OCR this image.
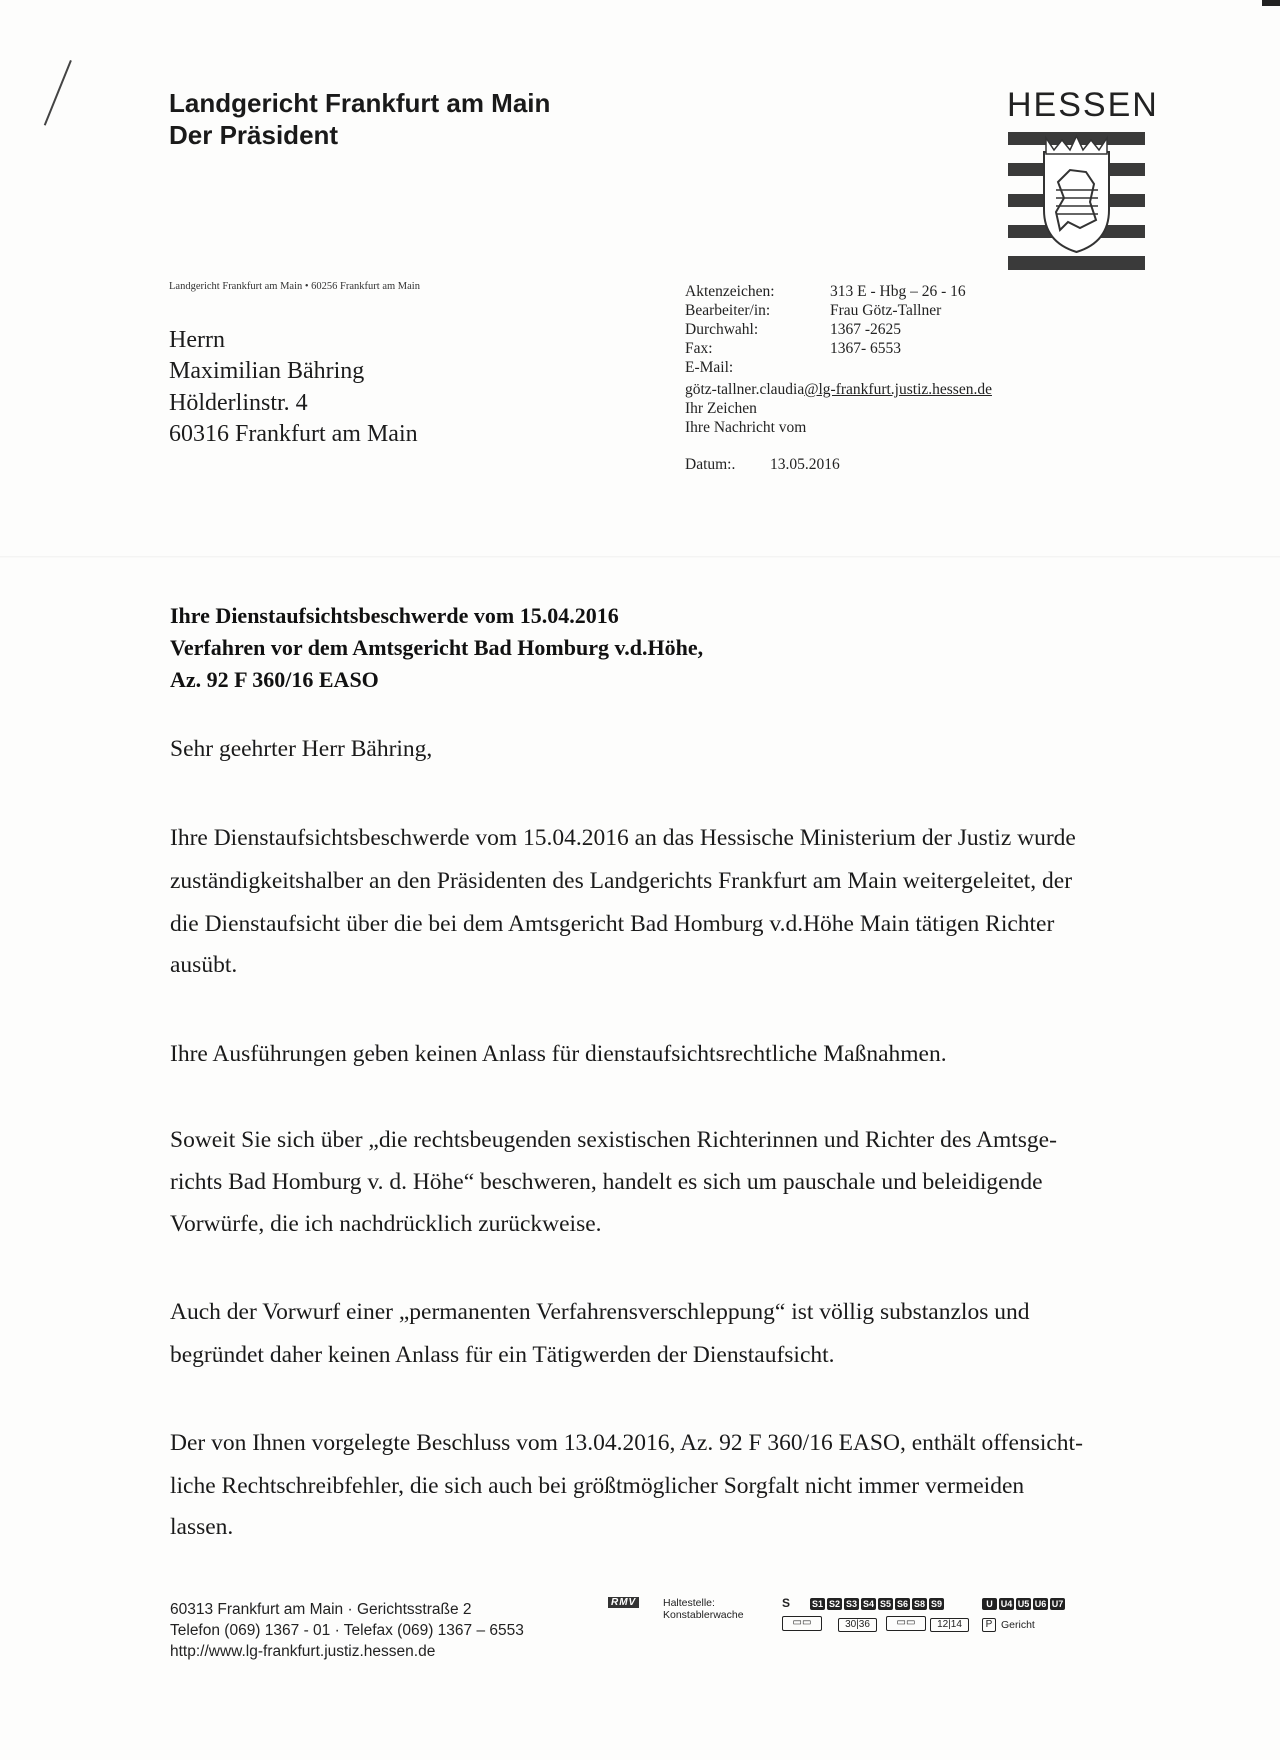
Landgericht Frankfurt am Main
Der Präsident
HESSEN
Landgericht Frankfurt am Main • 60256 Frankfurt am Main
Herrn
Maximilian Bähring
Hölderlinstr. 4
60316 Frankfurt am Main
Aktenzeichen:	313 E - Hbg – 26 - 16
Bearbeiter/in:	Frau Götz-Tallner
Durchwahl:	1367 -2625
Fax:	1367- 6553
E-Mail:
götz-tallner.claudia@lg-frankfurt.justiz.hessen.de
Ihr Zeichen
Ihre Nachricht vom
Datum:. 13.05.2016
Ihre Dienstaufsichtsbeschwerde vom 15.04.2016
Verfahren vor dem Amtsgericht Bad Homburg v.d.Höhe,
Az. 92 F 360/16 EASO
Sehr geehrter Herr Bähring,
Ihre Dienstaufsichtsbeschwerde vom 15.04.2016 an das Hessische Ministerium der Justiz wurde
zuständigkeitshalber an den Präsidenten des Landgerichts Frankfurt am Main weitergeleitet, der
die Dienstaufsicht über die bei dem Amtsgericht Bad Homburg v.d.Höhe Main tätigen Richter
ausübt.
Ihre Ausführungen geben keinen Anlass für dienstaufsichtsrechtliche Maßnahmen.
Soweit Sie sich über „die rechtsbeugenden sexistischen Richterinnen und Richter des Amtsge-
richts Bad Homburg v. d. Höhe“ beschweren, handelt es sich um pauschale und beleidigende
Vorwürfe, die ich nachdrücklich zurückweise.
Auch der Vorwurf einer „permanenten Verfahrensverschleppung“ ist völlig substanzlos und
begründet daher keinen Anlass für ein Tätigwerden der Dienstaufsicht.
Der von Ihnen vorgelegte Beschluss vom 13.04.2016, Az. 92 F 360/16 EASO, enthält offensicht-
liche Rechtschreibfehler, die sich auch bei größtmöglicher Sorgfalt nicht immer vermeiden
lassen.
60313 Frankfurt am Main · Gerichtsstraße 2
Telefon (069) 1367 - 01 · Telefax (069) 1367 – 6553
http://www.lg-frankfurt.justiz.hessen.de
RMV	Haltestelle:
Konstablerwache
S S1 S2 S3 S4 S5 S6 S8 S9	U U4 U5 U6 U7
▭▭	30|36	▭▭	12|14	P Gericht
